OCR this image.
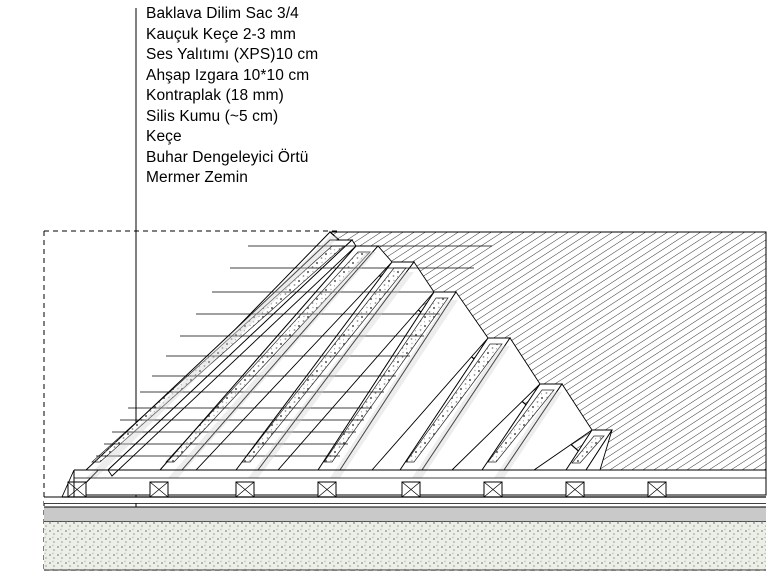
Baklava Dilim Sac 3/4
Kauçuk Keçe 2-3 mm
Ses Yalıtımı (XPS)10 cm
Ahşap Izgara 10*10 cm
Kontraplak (18 mm)
Silis Kumu (~5 cm)
Keçe
Buhar Dengeleyici Örtü
Mermer Zemin
